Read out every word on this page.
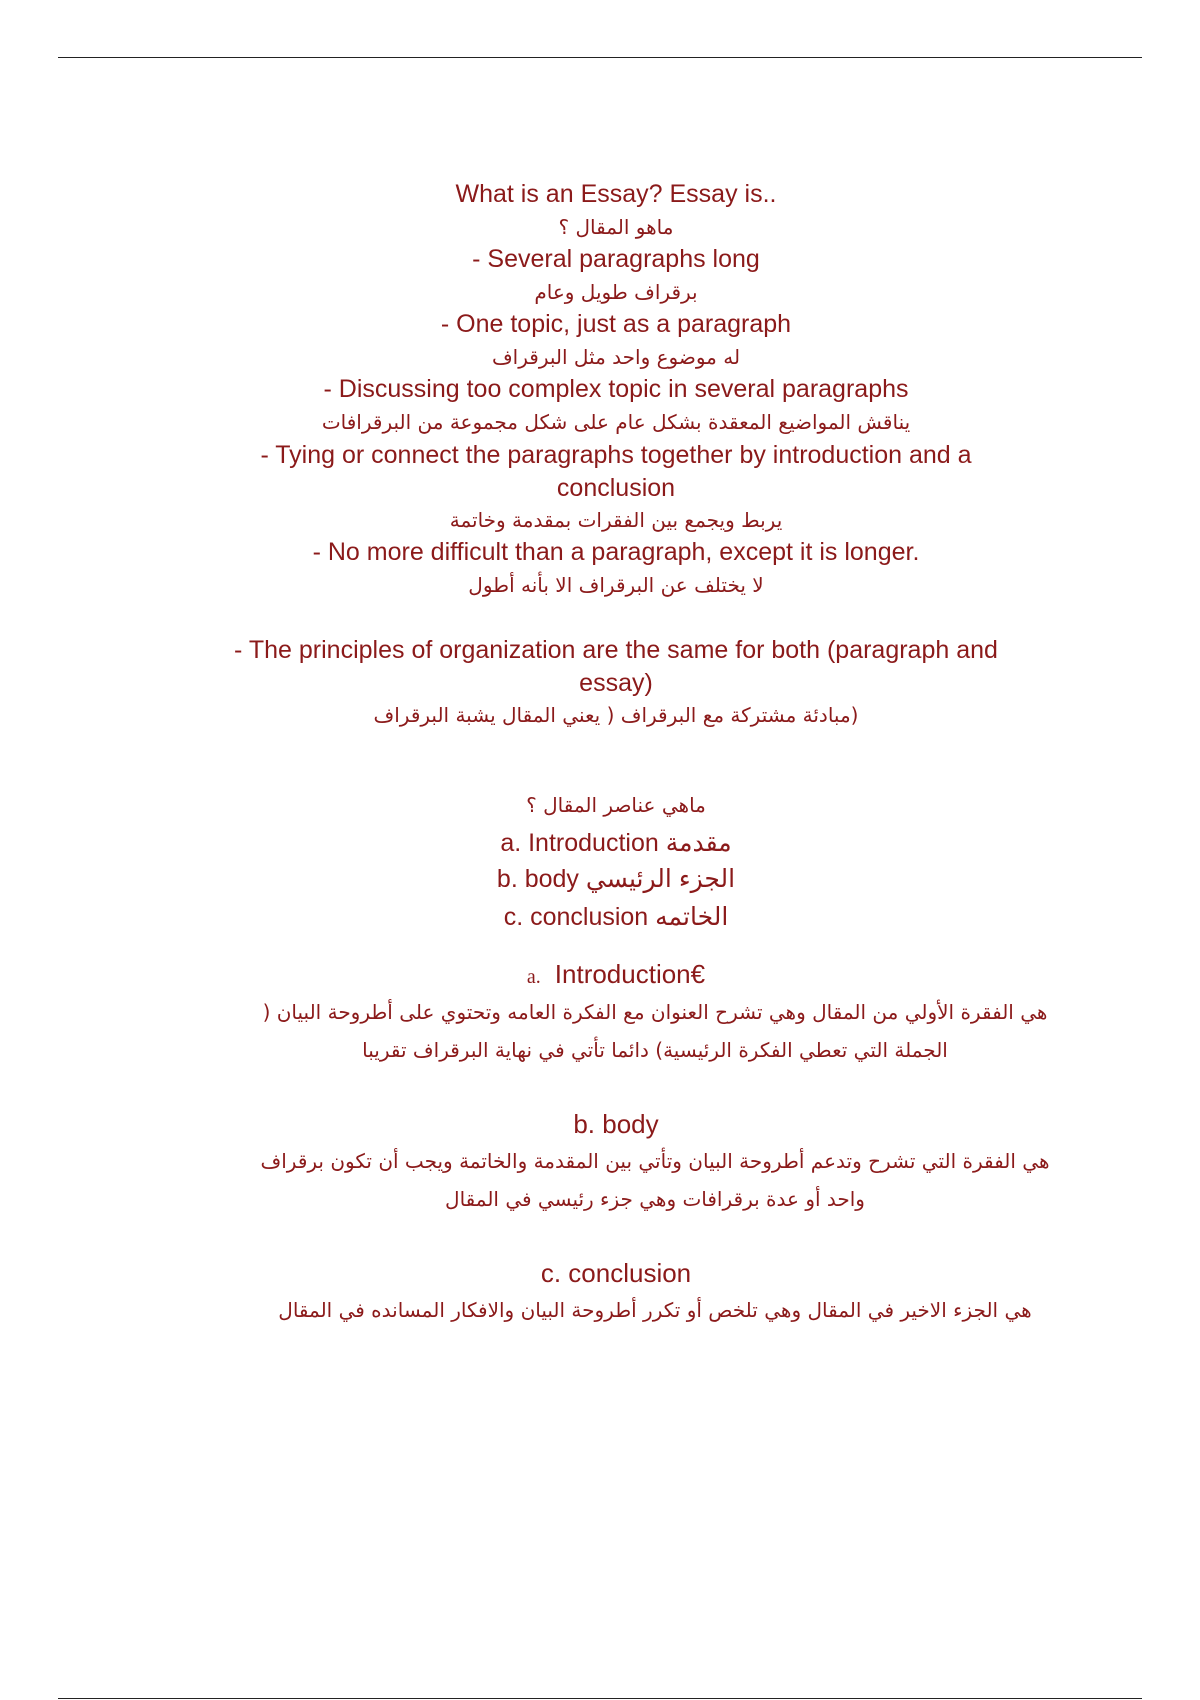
What is an Essay? Essay is..
ماهو المقال ؟
- Several paragraphs long
برقراف طويل وعام
- One topic, just as a paragraph
له موضوع واحد مثل البرقراف
- Discussing too complex topic in several paragraphs
يناقش المواضيع المعقدة بشكل عام على شكل مجموعة من البرقرافات
- Tying or connect the paragraphs together by introduction and a
conclusion
يربط ويجمع بين الفقرات بمقدمة وخاتمة
- No more difficult than a paragraph, except it is longer.
لا يختلف عن البرقراف الا بأنه أطول
- The principles of organization are the same for both (paragraph and
essay)
(مبادئة مشتركة مع البرقراف ( يعني المقال يشبة البرقراف
ماهي عناصر المقال ؟
a. Introduction مقدمة
b. body الجزء الرئيسي
c. conclusion الخاتمه
a. Introduction€
هي الفقرة الأولي من المقال وهي تشرح العنوان مع الفكرة العامه وتحتوي على أطروحة البيان ( الجملة التي تعطي الفكرة الرئيسية) دائما تأتي في نهاية البرقراف تقريبا
b. body
هي الفقرة التي تشرح وتدعم أطروحة البيان وتأتي بين المقدمة والخاتمة ويجب أن تكون برقراف واحد أو عدة برقرافات وهي جزء رئيسي في المقال
c. conclusion
هي الجزء الاخير في المقال وهي تلخص أو تكرر أطروحة البيان والافكار المسانده في المقال
